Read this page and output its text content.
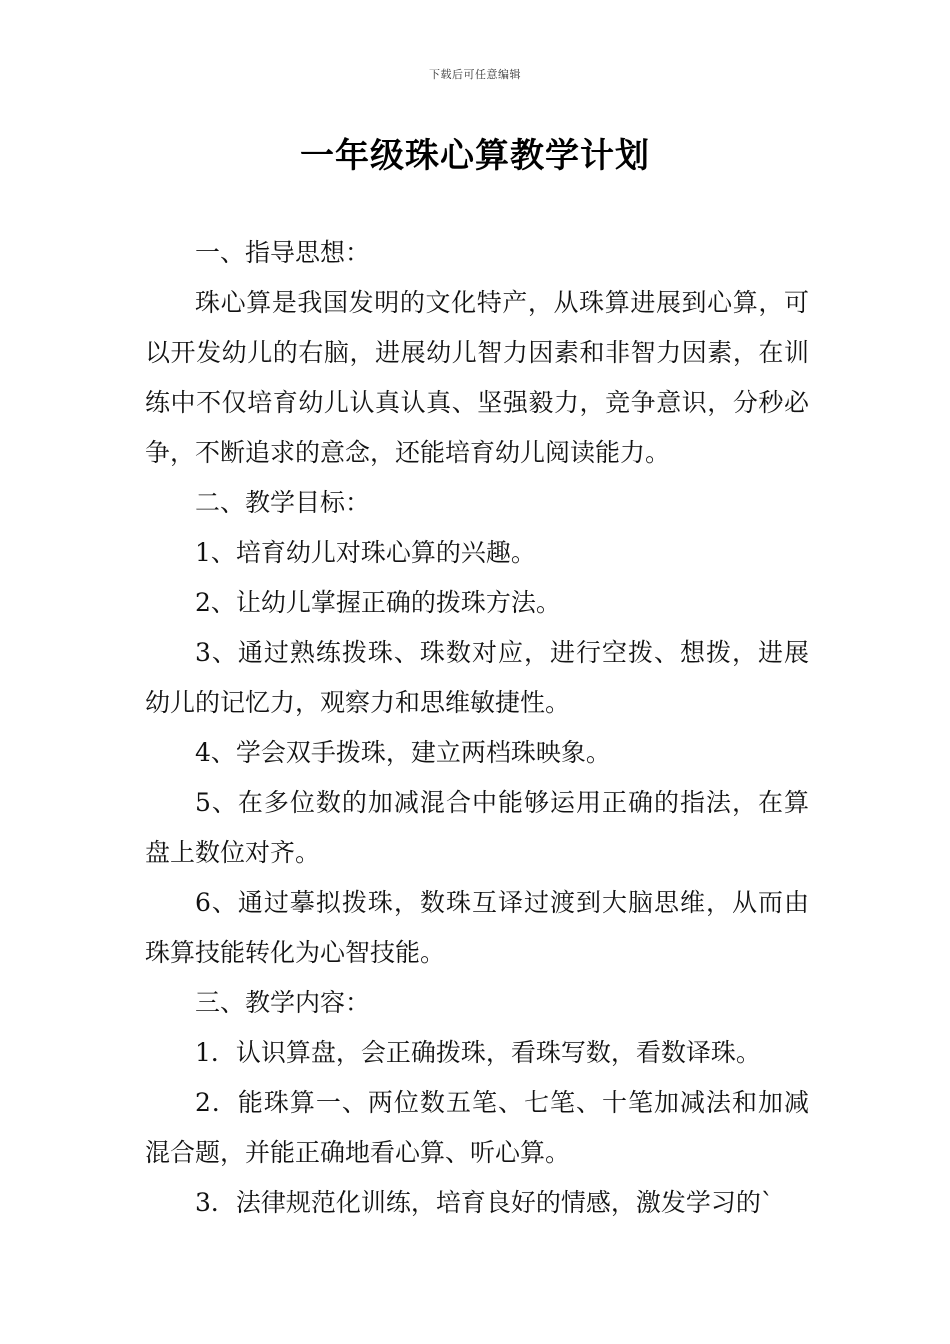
下载后可任意编辑
一年级珠心算教学计划

一、指导思想：

珠心算是我国发明的文化特产，从珠算进展到心算，可以开发幼儿的右脑，进展幼儿智力因素和非智力因素，在训练中不仅培育幼儿认真认真、坚强毅力，竞争意识，分秒必争，不断追求的意念，还能培育幼儿阅读能力。

二、教学目标：

1、培育幼儿对珠心算的兴趣。

2、让幼儿掌握正确的拨珠方法。

3、通过熟练拨珠、珠数对应，进行空拨、想拨，进展幼儿的记忆力，观察力和思维敏捷性。

4、学会双手拨珠，建立两档珠映象。

5、在多位数的加减混合中能够运用正确的指法，在算盘上数位对齐。

6、通过摹拟拨珠，数珠互译过渡到大脑思维，从而由珠算技能转化为心智技能。

三、教学内容：

1．认识算盘，会正确拨珠，看珠写数，看数译珠。

2．能珠算一、两位数五笔、七笔、十笔加减法和加减混合题，并能正确地看心算、听心算。

3．法律规范化训练，培育良好的情感，激发学习的`
